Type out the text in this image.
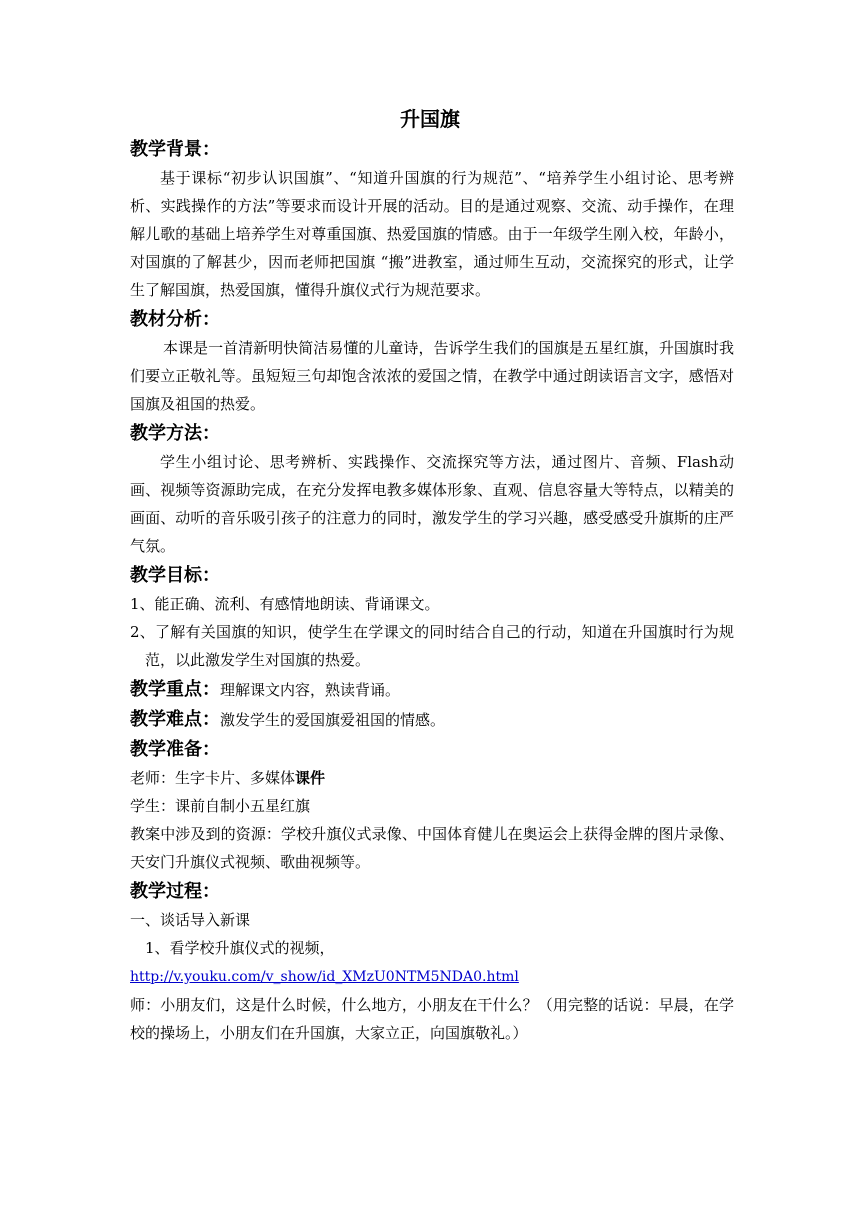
升国旗

教学背景：

基于课标“初步认识国旗”、“知道升国旗的行为规范”、“培养学生小组讨论、思考辨析、实践操作的方法”等要求而设计开展的活动。目的是通过观察、交流、动手操作，在理解儿歌的基础上培养学生对尊重国旗、热爱国旗的情感。由于一年级学生刚入校，年龄小，对国旗的了解甚少，因而老师把国旗 “搬”进教室，通过师生互动，交流探究的形式，让学生了解国旗，热爱国旗，懂得升旗仪式行为规范要求。

教材分析：

本课是一首清新明快简洁易懂的儿童诗，告诉学生我们的国旗是五星红旗，升国旗时我们要立正敬礼等。虽短短三句却饱含浓浓的爱国之情，在教学中通过朗读语言文字，感悟对国旗及祖国的热爱。

教学方法：

学生小组讨论、思考辨析、实践操作、交流探究等方法，通过图片、音频、Flash动画、视频等资源助完成，在充分发挥电教多媒体形象、直观、信息容量大等特点，以精美的画面、动听的音乐吸引孩子的注意力的同时，激发学生的学习兴趣，感受感受升旗斯的庄严气氛。

教学目标：

1、能正确、流利、有感情地朗读、背诵课文。

2、了解有关国旗的知识，使学生在学课文的同时结合自己的行动，知道在升国旗时行为规范，以此激发学生对国旗的热爱。

教学重点：理解课文内容，熟读背诵。

教学难点：激发学生的爱国旗爱祖国的情感。

教学准备：

老师：生字卡片、多媒体课件

学生：课前自制小五星红旗

教案中涉及到的资源：学校升旗仪式录像、中国体育健儿在奥运会上获得金牌的图片录像、天安门升旗仪式视频、歌曲视频等。

教学过程：

一、谈话导入新课

1、看学校升旗仪式的视频，

http://v.youku.com/v_show/id_XMzU0NTM5NDA0.html

师：小朋友们，这是什么时候，什么地方，小朋友在干什么？（用完整的话说：早晨，在学校的操场上，小朋友们在升国旗，大家立正，向国旗敬礼。）
